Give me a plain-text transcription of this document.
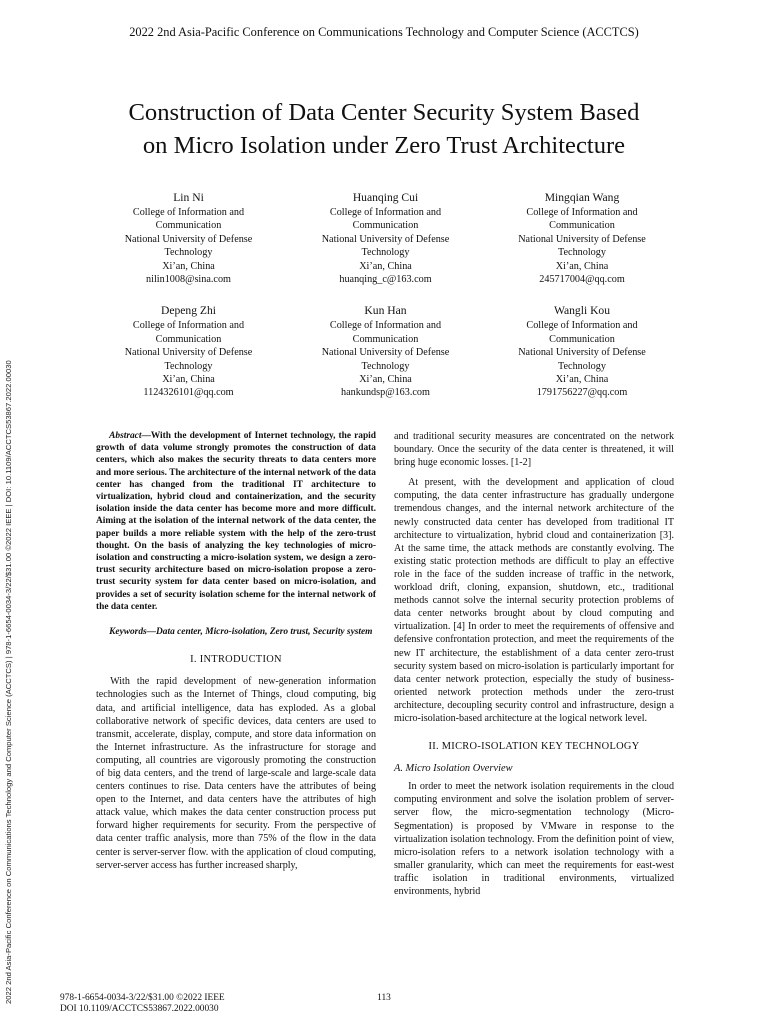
2022 2nd Asia-Pacific Conference on Communications Technology and Computer Science (ACCTCS)
2022 2nd Asia-Pacific Conference on Communications Technology and Computer Science (ACCTCS) | 978-1-6654-0034-3/22/$31.00 ©2022 IEEE | DOI: 10.1109/ACCTCS53867.2022.00030
Construction of Data Center Security System Based
on Micro Isolation under Zero Trust Architecture
Lin Ni
College of Information and
Communication
National University of Defense
Technology
Xi’an, China
nilin1008@sina.com
Huanqing Cui
College of Information and
Communication
National University of Defense
Technology
Xi’an, China
huanqing_c@163.com
Mingqian Wang
College of Information and
Communication
National University of Defense
Technology
Xi’an, China
245717004@qq.com
Depeng Zhi
College of Information and
Communication
National University of Defense
Technology
Xi’an, China
1124326101@qq.com
Kun Han
College of Information and
Communication
National University of Defense
Technology
Xi’an, China
hankundsp@163.com
Wangli Kou
College of Information and
Communication
National University of Defense
Technology
Xi’an, China
1791756227@qq.com

Abstract—With the development of Internet technology, the rapid growth of data volume strongly promotes the construction of data centers, which also makes the security threats to data centers more and more serious. The architecture of the internal network of the data center has changed from the traditional IT architecture to virtualization, hybrid cloud and containerization, and the security isolation inside the data center has become more and more difficult. Aiming at the isolation of the internal network of the data center, the paper builds a more reliable system with the help of the zero-trust thought. On the basis of analyzing the key technologies of micro-isolation and constructing a micro-isolation system, we design a zero-trust security architecture based on micro-isolation propose a zero-trust security system for data center based on micro-isolation, and provides a set of security isolation scheme for the internal network of the data center.

Keywords—Data center, Micro-isolation, Zero trust, Security system

I. INTRODUCTION

With the rapid development of new-generation information technologies such as the Internet of Things, cloud computing, big data, and artificial intelligence, data has exploded. As a global collaborative network of specific devices, data centers are used to transmit, accelerate, display, compute, and store data information on the Internet infrastructure. As the infrastructure for storage and computing, all countries are vigorously promoting the construction of big data centers, and the trend of large-scale and large-scale data centers continues to rise. Data centers have the attributes of being open to the Internet, and data centers have the attributes of high attack value, which makes the data center construction process put forward higher requirements for security. From the perspective of data center traffic analysis, more than 75% of the flow in the data center is server-server flow. with the application of cloud computing, server-server access has further increased sharply,

and traditional security measures are concentrated on the network boundary. Once the security of the data center is threatened, it will bring huge economic losses. [1-2]

At present, with the development and application of cloud computing, the data center infrastructure has gradually undergone tremendous changes, and the internal network architecture of the newly constructed data center has developed from traditional IT architecture to virtualization, hybrid cloud and containerization [3]. At the same time, the attack methods are constantly evolving. The existing static protection methods are difficult to play an effective role in the face of the sudden increase of traffic in the network, workload drift, cloning, expansion, shutdown, etc., traditional methods cannot solve the internal security protection problems of data center networks brought about by cloud computing and virtualization. [4] In order to meet the requirements of offensive and defensive confrontation protection, and meet the requirements of the new IT architecture, the establishment of a data center zero-trust security system based on micro-isolation is particularly important for data center network protection, especially the study of business-oriented network protection methods under the zero-trust architecture, decoupling security control and infrastructure, design a micro-isolation-based architecture at the logical network level.

II. MICRO-ISOLATION KEY TECHNOLOGY

A. Micro Isolation Overview

In order to meet the network isolation requirements in the cloud computing environment and solve the isolation problem of server-server flow, the micro-segmentation technology (Micro-Segmentation) is proposed by VMware in response to the virtualization isolation technology. From the definition point of view, micro-isolation refers to a network isolation technology with a smaller granularity, which can meet the requirements for east-west traffic isolation in traditional environments, virtualized environments, hybrid

978-1-6654-0034-3/22/$31.00 ©2022 IEEE
DOI 10.1109/ACCTCS53867.2022.00030
113
